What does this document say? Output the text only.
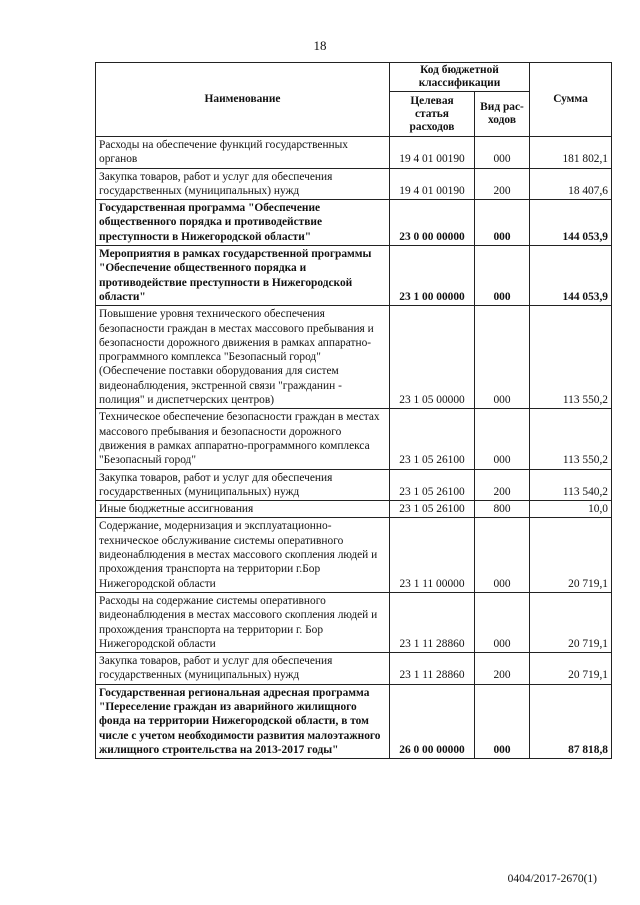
18
Наименование	Код бюджетной классификации		Сумма
	Целевая статья расходов	Вид рас-ходов	
Расходы на обеспечение функций государственных органов	19 4 01 00190	000	181 802,1
Закупка товаров, работ и услуг для обеспечения государственных (муниципальных) нужд	19 4 01 00190	200	18 407,6
Государственная программа "Обеспечение общественного порядка и противодействие преступности в Нижегородской области"	23 0 00 00000	000	144 053,9
Мероприятия в рамках государственной программы "Обеспечение общественного порядка и противодействие преступности в Нижегородской области"	23 1 00 00000	000	144 053,9
Повышение уровня технического обеспечения безопасности граждан в местах массового пребывания и безопасности дорожного движения в рамках аппаратно-программного комплекса "Безопасный город" (Обеспечение поставки оборудования для систем видеонаблюдения, экстренной связи "гражданин - полиция" и диспетчерских центров)	23 1 05 00000	000	113 550,2
Техническое обеспечение безопасности граждан в местах массового пребывания и безопасности дорожного движения в рамках аппаратно-программного комплекса "Безопасный город"	23 1 05 26100	000	113 550,2
Закупка товаров, работ и услуг для обеспечения государственных (муниципальных) нужд	23 1 05 26100	200	113 540,2
Иные бюджетные ассигнования	23 1 05 26100	800	10,0
Содержание, модернизация и эксплуатационно-техническое обслуживание системы оперативного видеонаблюдения в местах массового скопления людей и прохождения транспорта на территории г.Бор Нижегородской области	23 1 11 00000	000	20 719,1
Расходы на содержание системы оперативного видеонаблюдения в местах массового скопления людей и прохождения транспорта на территории г. Бор Нижегородской области	23 1 11 28860	000	20 719,1
Закупка товаров, работ и услуг для обеспечения государственных (муниципальных) нужд	23 1 11 28860	200	20 719,1
Государственная региональная адресная программа "Переселение граждан из аварийного жилищного фонда на территории Нижегородской области, в том числе с учетом необходимости развития малоэтажного жилищного строительства на 2013-2017 годы"	26 0 00 00000	000	87 818,8
0404/2017-2670(1)
